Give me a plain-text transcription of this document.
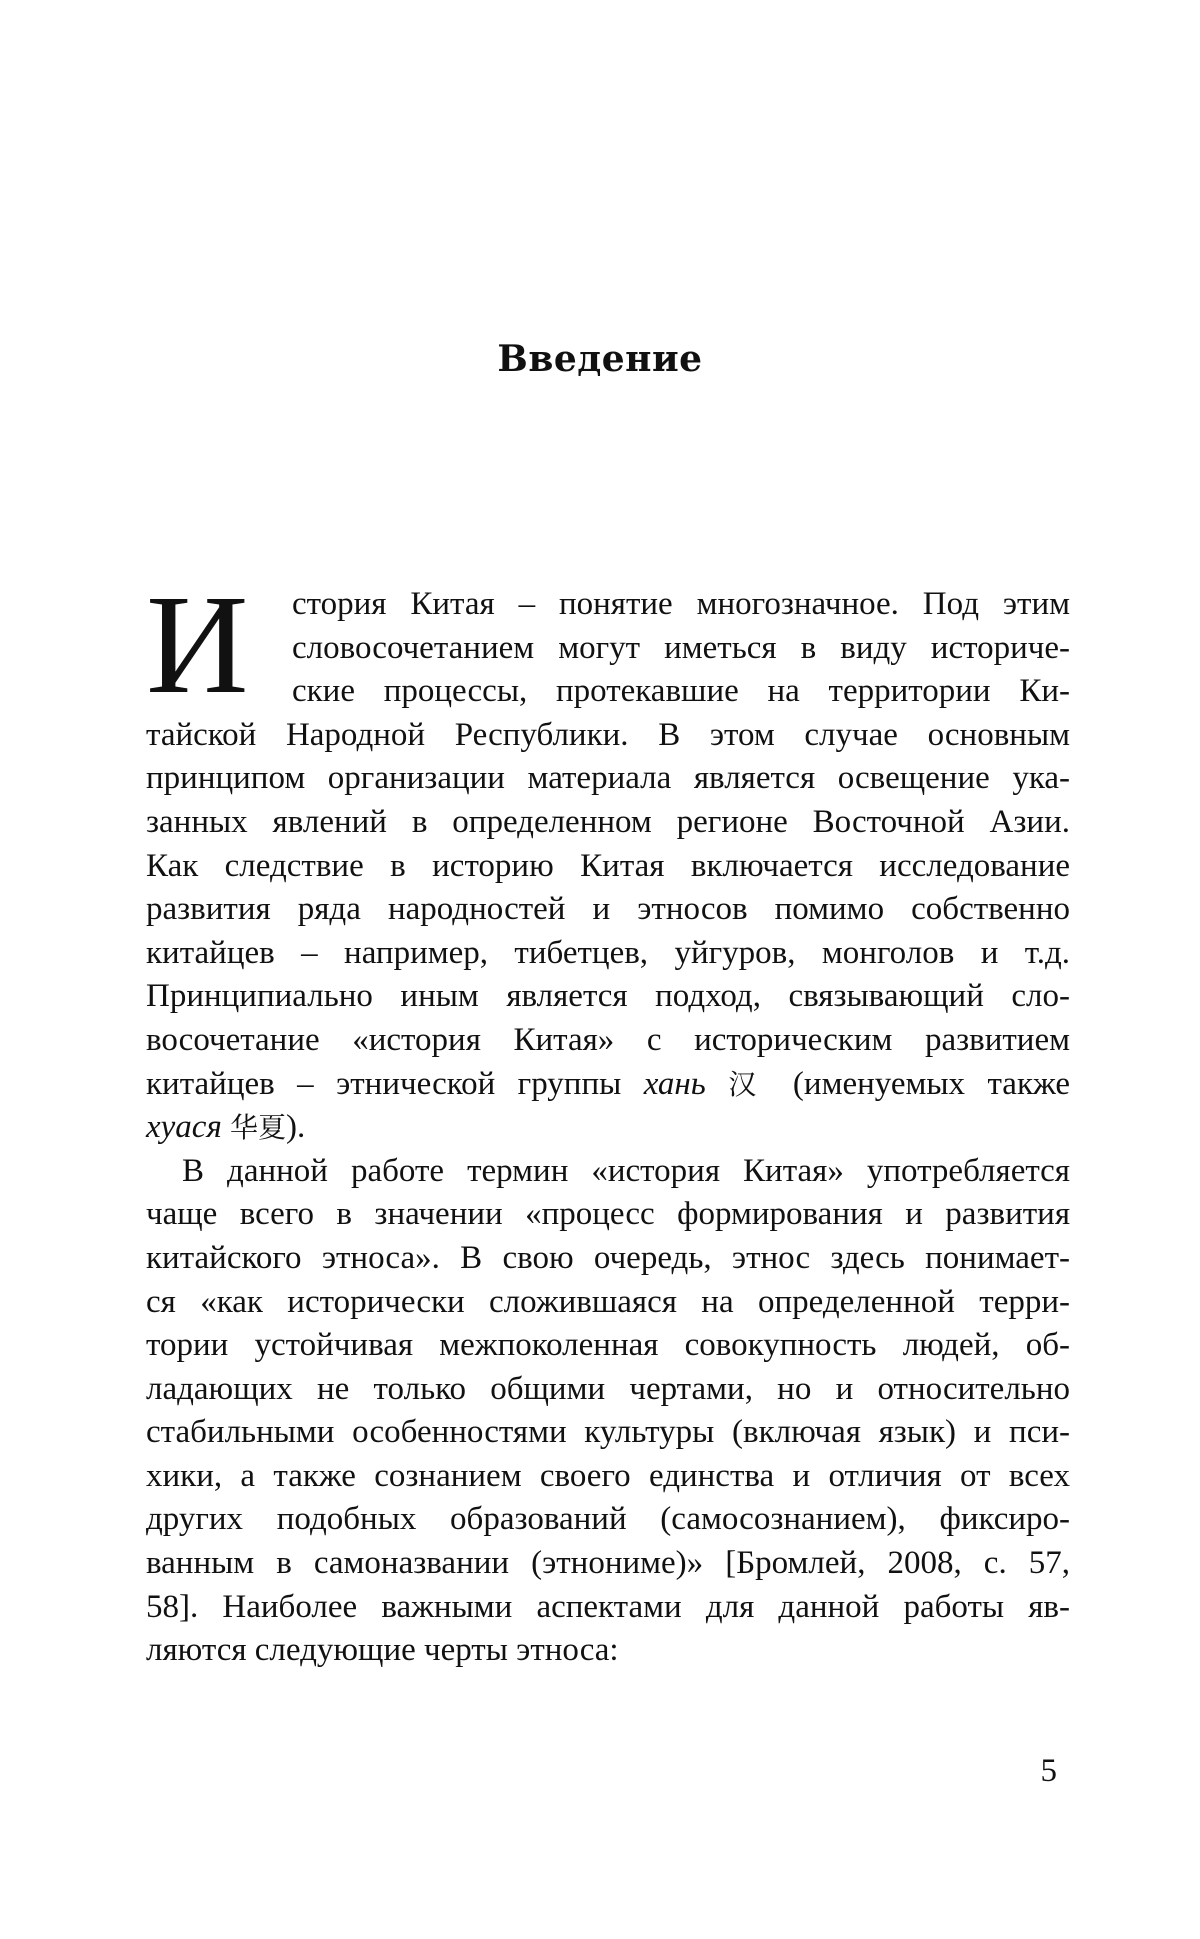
Введение
И стория Китая – понятие многозначное. Под этим
словосочетанием могут иметься в виду историче-
ские процессы, протекавшие на территории Ки-
тайской Народной Республики. В этом случае основным
принципом организации материала является освещение ука-
занных явлений в определенном регионе Восточной Азии.
Как следствие в историю Китая включается исследование
развития ряда народностей и этносов помимо собственно
китайцев – например, тибетцев, уйгуров, монголов и т.д.
Принципиально иным является подход, связывающий сло-
восочетание «история Китая» с историческим развитием
китайцев – этнической группы хань 汉 (именуемых также
хуася 华夏).
В данной работе термин «история Китая» употребляется
чаще всего в значении «процесс формирования и развития
китайского этноса». В свою очередь, этнос здесь понимает-
ся «как исторически сложившаяся на определенной терри-
тории устойчивая межпоколенная совокупность людей, об-
ладающих не только общими чертами, но и относительно
стабильными особенностями культуры (включая язык) и пси-
хики, а также сознанием своего единства и отличия от всех
других подобных образований (самосознанием), фиксиро-
ванным в самоназвании (этнониме)» [Бромлей, 2008, с. 57,
58]. Наиболее важными аспектами для данной работы яв-
ляются следующие черты этноса:

5
